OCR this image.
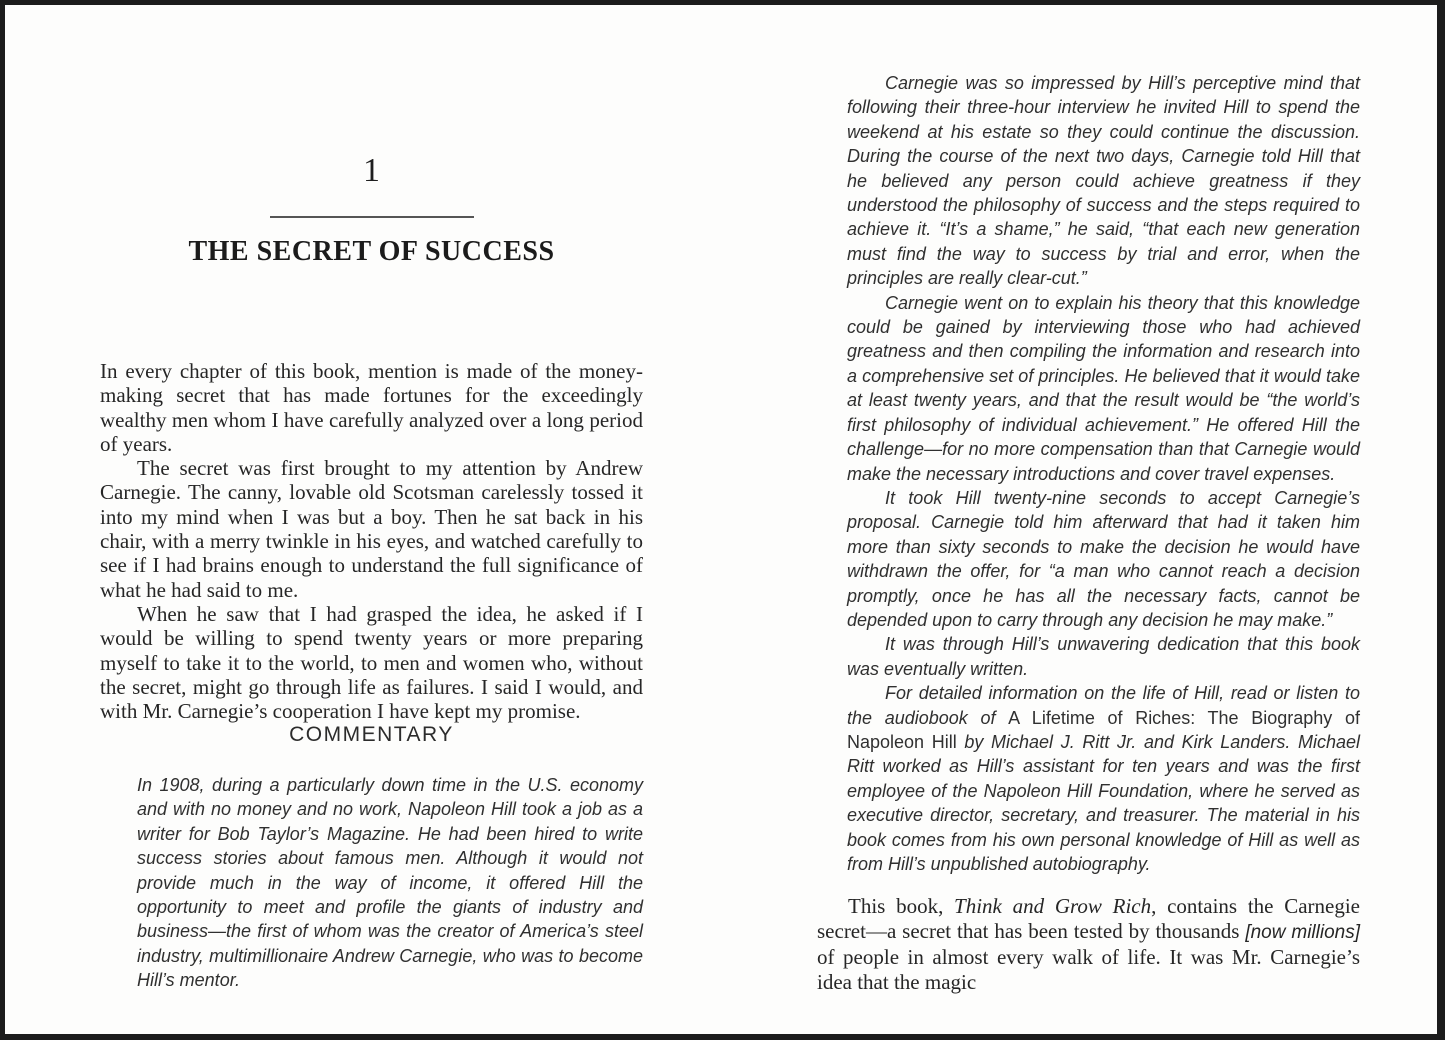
1
THE SECRET OF SUCCESS

In every chapter of this book, mention is made of the money-making secret that has made fortunes for the exceedingly wealthy men whom I have carefully analyzed over a long period of years.

The secret was first brought to my attention by Andrew Carnegie. The canny, lovable old Scotsman carelessly tossed it into my mind when I was but a boy. Then he sat back in his chair, with a merry twinkle in his eyes, and watched carefully to see if I had brains enough to understand the full significance of what he had said to me.

When he saw that I had grasped the idea, he asked if I would be willing to spend twenty years or more preparing myself to take it to the world, to men and women who, without the secret, might go through life as failures. I said I would, and with Mr. Carnegie’s cooperation I have kept my promise.

COMMENTARY

In 1908, during a particularly down time in the U.S. economy and with no money and no work, Napoleon Hill took a job as a writer for Bob Taylor’s Magazine. He had been hired to write success stories about famous men. Although it would not provide much in the way of income, it offered Hill the opportunity to meet and profile the giants of industry and business—the first of whom was the creator of America’s steel industry, multimillionaire Andrew Carnegie, who was to become Hill’s mentor.

Carnegie was so impressed by Hill’s perceptive mind that following their three-hour interview he invited Hill to spend the weekend at his estate so they could continue the discussion. During the course of the next two days, Carnegie told Hill that he believed any person could achieve greatness if they understood the philosophy of success and the steps required to achieve it. “It’s a shame,” he said, “that each new generation must find the way to success by trial and error, when the principles are really clear-cut.”

Carnegie went on to explain his theory that this knowledge could be gained by interviewing those who had achieved greatness and then compiling the information and research into a comprehensive set of principles. He believed that it would take at least twenty years, and that the result would be “the world’s first philosophy of individual achievement.” He offered Hill the challenge—for no more compensation than that Carnegie would make the necessary introductions and cover travel expenses.

It took Hill twenty-nine seconds to accept Carnegie’s proposal. Carnegie told him afterward that had it taken him more than sixty seconds to make the decision he would have withdrawn the offer, for “a man who cannot reach a decision promptly, once he has all the necessary facts, cannot be depended upon to carry through any decision he may make.”

It was through Hill’s unwavering dedication that this book was eventually written.

For detailed information on the life of Hill, read or listen to the audiobook of A Lifetime of Riches: The Biography of Napoleon Hill by Michael J. Ritt Jr. and Kirk Landers. Michael Ritt worked as Hill’s assistant for ten years and was the first employee of the Napoleon Hill Foundation, where he served as executive director, secretary, and treasurer. The material in his book comes from his own personal knowledge of Hill as well as from Hill’s unpublished autobiography.

This book, Think and Grow Rich, contains the Carnegie secret—a secret that has been tested by thousands [now millions] of people in almost every walk of life. It was Mr. Carnegie’s idea that the magic
